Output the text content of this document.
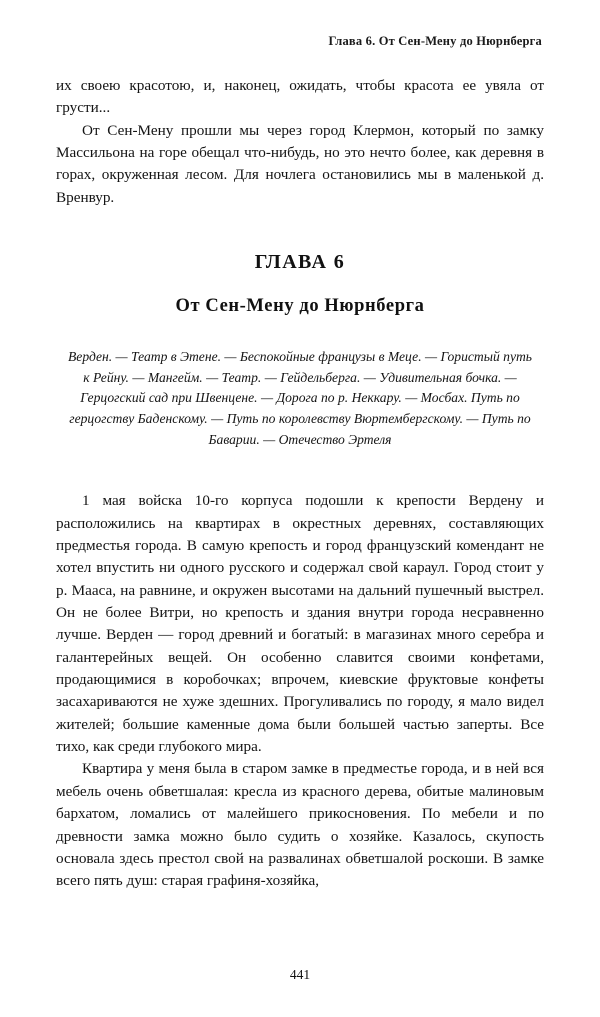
Глава 6. От Сен-Мену до Нюрнберга

их своею красотою, и, наконец, ожидать, чтобы красота ее увяла от грусти...

От Сен-Мену прошли мы через город Клермон, который по замку Массильона на горе обещал что-нибудь, но это нечто более, как деревня в горах, окруженная лесом. Для ночлега остановились мы в маленькой д. Вренвур.

ГЛАВА 6

От Сен-Мену до Нюрнберга

Верден. — Театр в Этене. — Беспокойные французы в Меце. — Гористый путь к Рейну. — Мангейм. — Театр. — Гейдельберга. — Удивительная бочка. — Герцогский сад при Швенцене. — Дорога по р. Неккару. — Мосбах. Путь по герцогству Баденскому. — Путь по королевству Вюртембергскому. — Путь по Баварии. — Отечество Эртеля

1 мая войска 10-го корпуса подошли к крепости Вердену и расположились на квартирах в окрестных деревнях, составляющих предместья города. В самую крепость и город французский комендант не хотел впустить ни одного русского и содержал свой караул. Город стоит у р. Мааса, на равнине, и окружен высотами на дальний пушечный выстрел. Он не более Витри, но крепость и здания внутри города несравненно лучше. Верден — город древний и богатый: в магазинах много серебра и галантерейных вещей. Он особенно славится своими конфетами, продающимися в коробочках; впрочем, киевские фруктовые конфеты засахариваются не хуже здешних. Прогуливались по городу, я мало видел жителей; большие каменные дома были большей частью заперты. Все тихо, как среди глубокого мира.

Квартира у меня была в старом замке в предместье города, и в ней вся мебель очень обветшалая: кресла из красного дерева, обитые малиновым бархатом, ломались от малейшего прикосновения. По мебели и по древности замка можно было судить о хозяйке. Казалось, скупость основала здесь престол свой на развалинах обветшалой роскоши. В замке всего пять душ: старая графиня-хозяйка,

441
